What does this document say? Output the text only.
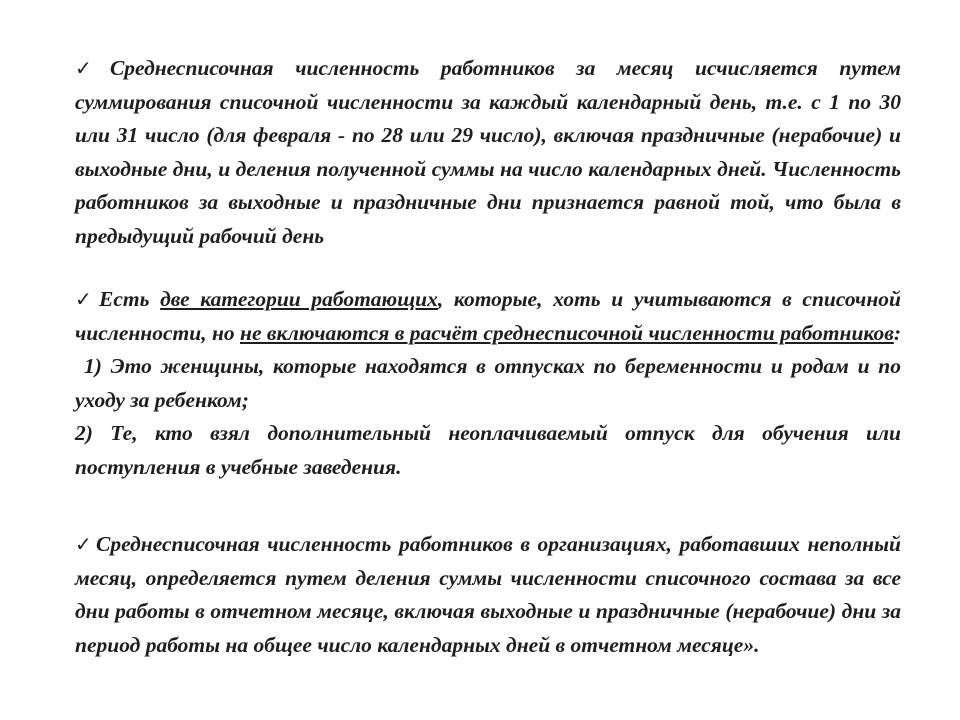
✓Среднесписочная численность работников за месяц исчисляется путем суммирования списочной численности за каждый календарный день, т.е. с 1 по 30 или 31 число (для февраля - по 28 или 29 число), включая праздничные (нерабочие) и выходные дни, и деления полученной суммы на число календарных дней. Численность работников за выходные и праздничные дни признается равной той, что была в предыдущий рабочий день

✓Есть две категории работающих, которые, хоть и учитываются в списочной численности, но не включаются в расчёт среднесписочной численности работников:

1) Это женщины, которые находятся в отпусках по беременности и родам и по уходу за ребенком;

2) Те, кто взял дополнительный неоплачиваемый отпуск для обучения или поступления в учебные заведения.

✓Среднесписочная численность работников в организациях, работавших неполный месяц, определяется путем деления суммы численности списочного состава за все дни работы в отчетном месяце, включая выходные и праздничные (нерабочие) дни за период работы на общее число календарных дней в отчетном месяце».
